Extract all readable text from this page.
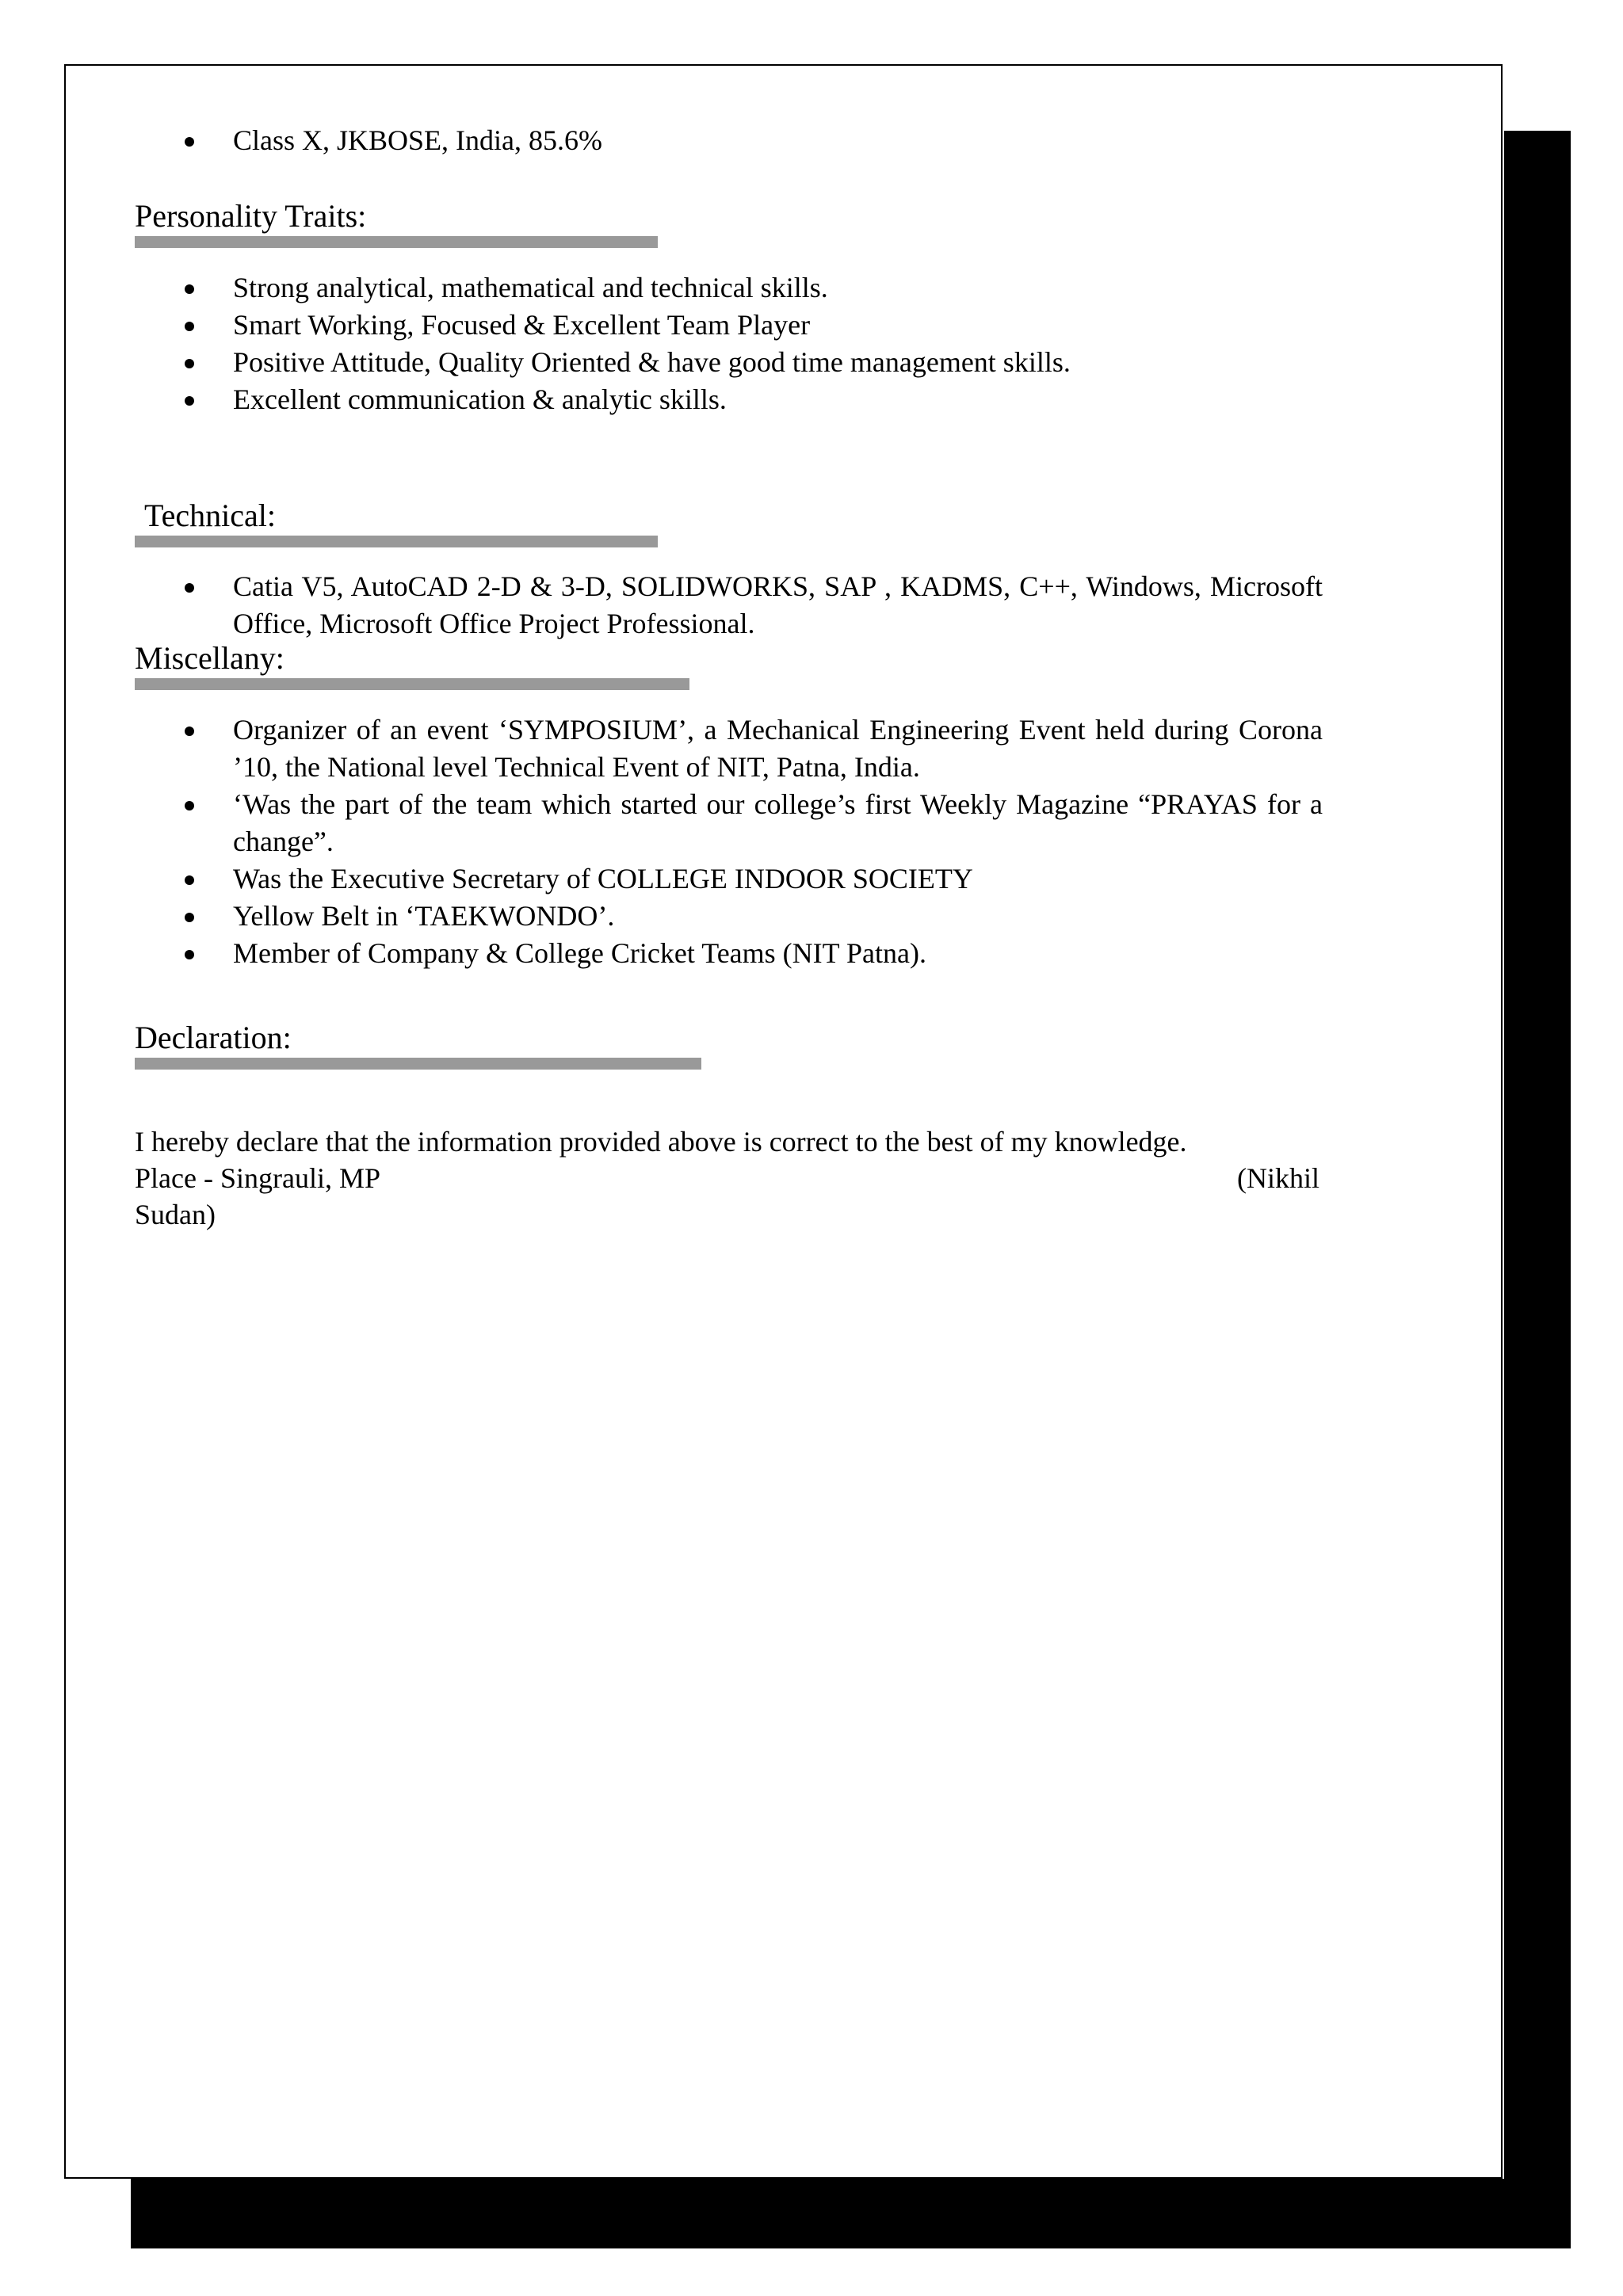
Class X, JKBOSE, India, 85.6%
Personality Traits:
Strong analytical, mathematical and technical skills.
Smart Working, Focused & Excellent Team Player
Positive Attitude, Quality Oriented & have good time management skills.
Excellent communication & analytic skills.
Technical:
Catia V5, AutoCAD 2-D & 3-D, SOLIDWORKS, SAP , KADMS, C++, Windows, Microsoft Office, Microsoft Office Project Professional.
Miscellany:
Organizer of an event ‘SYMPOSIUM’, a Mechanical Engineering Event held during Corona ’10, the National level Technical Event of NIT, Patna, India.
‘Was the part of the team which started our college’s first Weekly Magazine “PRAYAS for a change”.
Was the Executive Secretary of COLLEGE INDOOR SOCIETY
Yellow Belt in ‘TAEKWONDO’.
Member of Company & College Cricket Teams (NIT Patna).
Declaration:
I hereby declare that the information provided above is correct to the best of my knowledge.
Place - Singrauli, MP	(Nikhil
Sudan)
